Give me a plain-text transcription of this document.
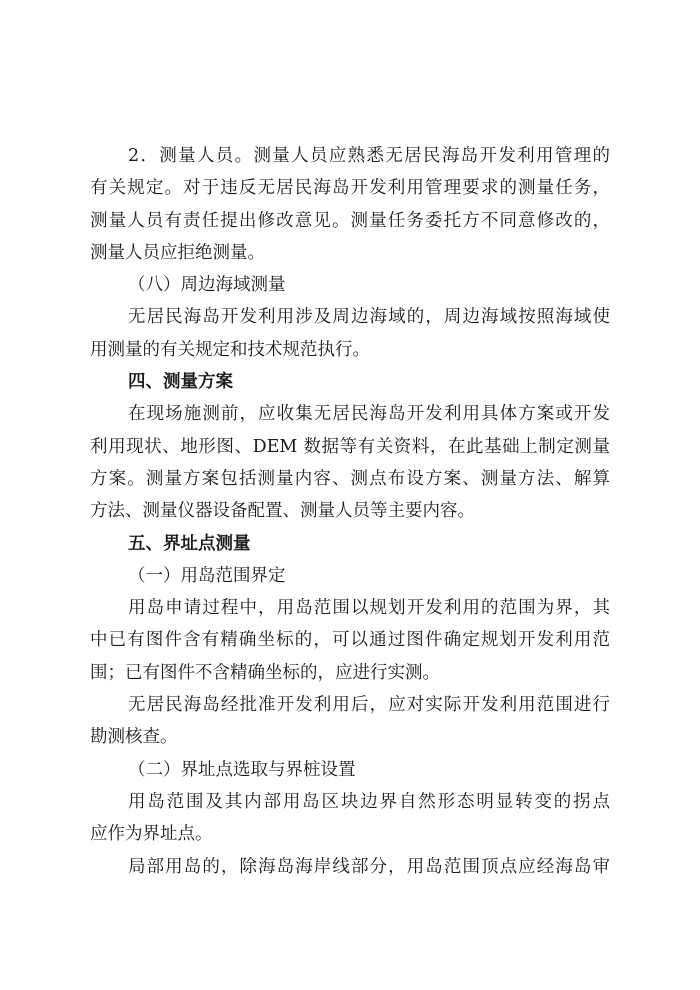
2．测量人员。测量人员应熟悉无居民海岛开发利用管理的
有关规定。对于违反无居民海岛开发利用管理要求的测量任务，
测量人员有责任提出修改意见。测量任务委托方不同意修改的，
测量人员应拒绝测量。
（八）周边海域测量
无居民海岛开发利用涉及周边海域的，周边海域按照海域使
用测量的有关规定和技术规范执行。
四、测量方案
在现场施测前，应收集无居民海岛开发利用具体方案或开发
利用现状、地形图、DEM 数据等有关资料，在此基础上制定测量
方案。测量方案包括测量内容、测点布设方案、测量方法、解算
方法、测量仪器设备配置、测量人员等主要内容。
五、界址点测量
（一）用岛范围界定
用岛申请过程中，用岛范围以规划开发利用的范围为界，其
中已有图件含有精确坐标的，可以通过图件确定规划开发利用范
围；已有图件不含精确坐标的，应进行实测。
无居民海岛经批准开发利用后，应对实际开发利用范围进行
勘测核查。
（二）界址点选取与界桩设置
用岛范围及其内部用岛区块边界自然形态明显转变的拐点
应作为界址点。
局部用岛的，除海岛海岸线部分，用岛范围顶点应经海岛审
